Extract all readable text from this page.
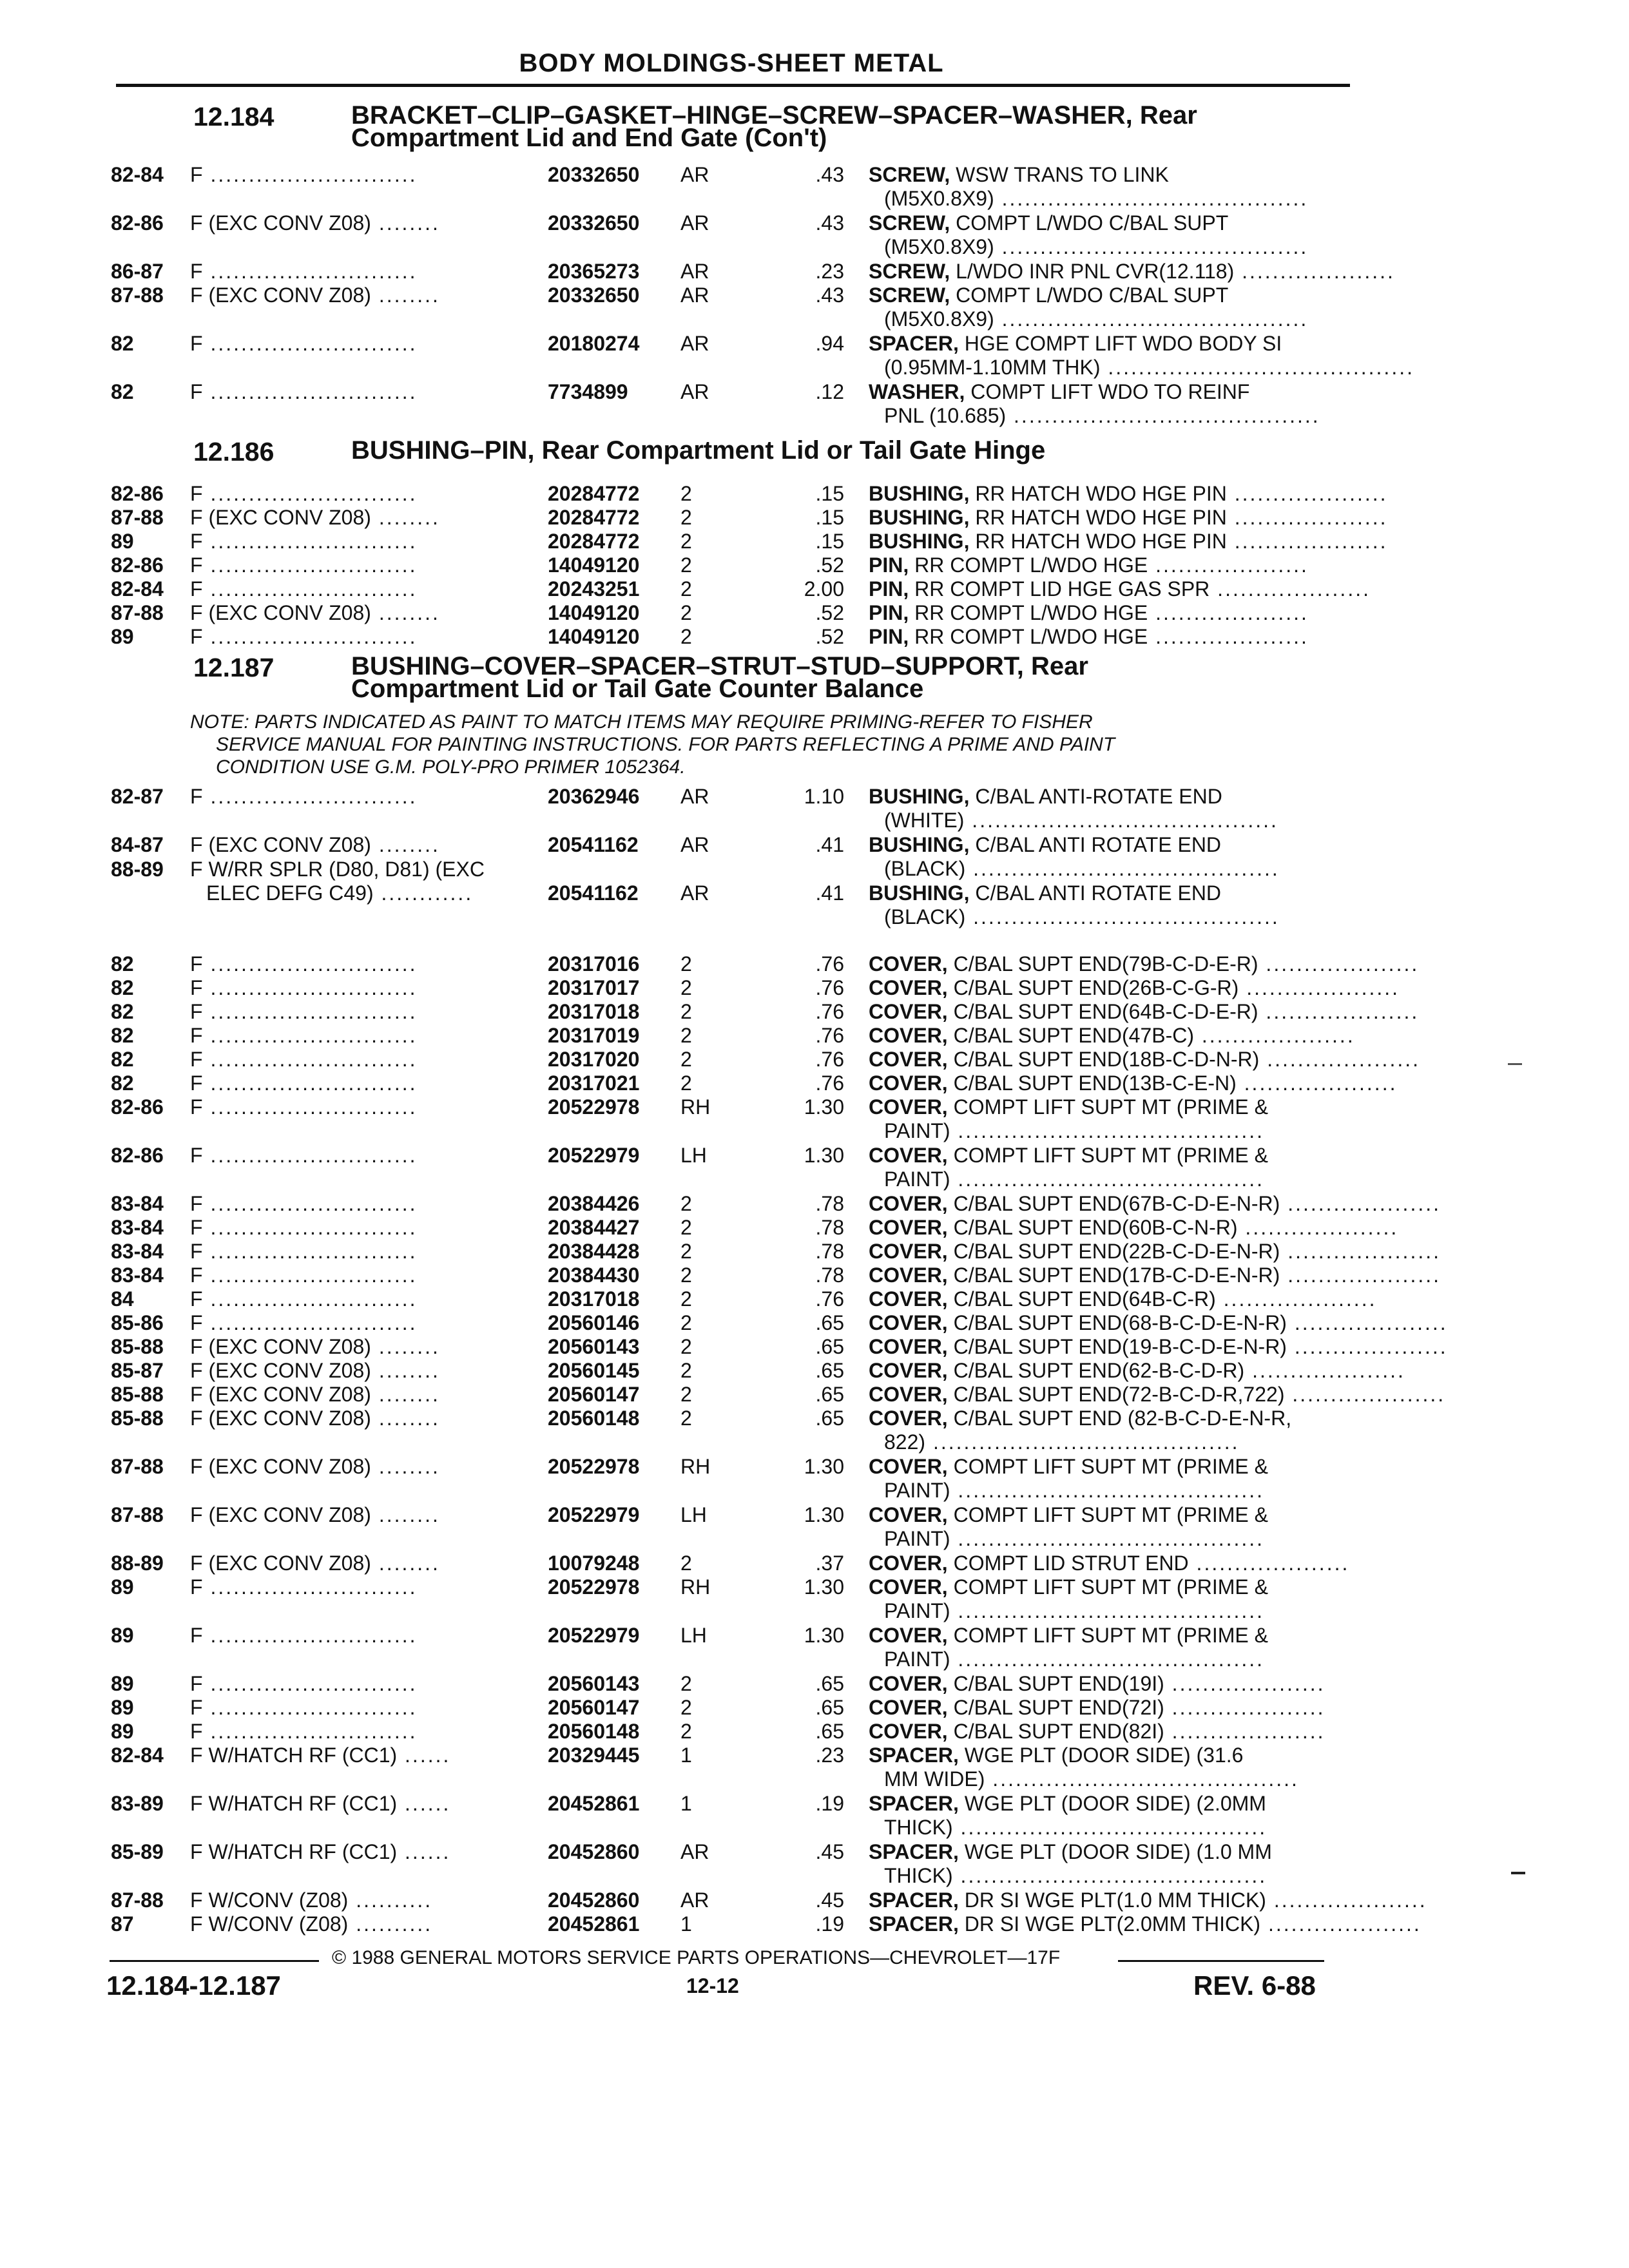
BODY MOLDINGS-SHEET METAL
12.184	BRACKET–CLIP–GASKET–HINGE–SCREW–SPACER–WASHER, Rear
Compartment Lid and End Gate (Con't)
12.186	BUSHING–PIN, Rear Compartment Lid or Tail Gate Hinge
12.187	BUSHING–COVER–SPACER–STRUT–STUD–SUPPORT, Rear
Compartment Lid or Tail Gate Counter Balance
NOTE: PARTS INDICATED AS PAINT TO MATCH ITEMS MAY REQUIRE PRIMING-REFER TO FISHER
SERVICE MANUAL FOR PAINTING INSTRUCTIONS. FOR PARTS REFLECTING A PRIME AND PAINT
CONDITION USE G.M. POLY-PRO PRIMER 1052364.
82-84 F ...........................	20332650 AR	.43 SCREW, WSW TRANS TO LINK
(M5X0.8X9) ........................................
82-86 F (EXC CONV Z08) ........	20332650 AR	.43 SCREW, COMPT L/WDO C/BAL SUPT
(M5X0.8X9) ........................................
86-87 F ...........................	20365273 AR	.23 SCREW, L/WDO INR PNL CVR(12.118) ....................
87-88 F (EXC CONV Z08) ........	20332650 AR	.43 SCREW, COMPT L/WDO C/BAL SUPT
(M5X0.8X9) ........................................
82	F ...........................	20180274 AR	.94 SPACER, HGE COMPT LIFT WDO BODY SI
(0.95MM-1.10MM THK) ........................................
82	F ...........................	7734899	AR	.12 WASHER, COMPT LIFT WDO TO REINF
PNL (10.685) ........................................
82-86 F ...........................	20284772 2	.15 BUSHING, RR HATCH WDO HGE PIN ....................
87-88 F (EXC CONV Z08) ........	20284772 2	.15 BUSHING, RR HATCH WDO HGE PIN ....................
89	F ...........................	20284772 2	.15 BUSHING, RR HATCH WDO HGE PIN ....................
82-86 F ...........................	14049120 2	.52 PIN, RR COMPT L/WDO HGE ....................
82-84 F ...........................	20243251 2	2.00 PIN, RR COMPT LID HGE GAS SPR ....................
87-88 F (EXC CONV Z08) ........	14049120 2	.52 PIN, RR COMPT L/WDO HGE ....................
89	F ...........................	14049120 2	.52 PIN, RR COMPT L/WDO HGE ....................
82-87 F ...........................	20362946 AR	1.10 BUSHING, C/BAL ANTI-ROTATE END
(WHITE) ........................................
84-87 F (EXC CONV Z08) ........	20541162 AR	.41 BUSHING, C/BAL ANTI ROTATE END
(BLACK) ........................................
88-89 F W/RR SPLR (D80, D81) (EXC
ELEC DEFG C49) ............	20541162 AR	.41 BUSHING, C/BAL ANTI ROTATE END
(BLACK) ........................................
82	F ...........................	20317016 2	.76 COVER, C/BAL SUPT END(79B-C-D-E-R) ....................
82	F ...........................	20317017 2	.76 COVER, C/BAL SUPT END(26B-C-G-R) ....................
82	F ...........................	20317018 2	.76 COVER, C/BAL SUPT END(64B-C-D-E-R) ....................
82	F ...........................	20317019 2	.76 COVER, C/BAL SUPT END(47B-C) ....................
82	F ...........................	20317020 2	.76 COVER, C/BAL SUPT END(18B-C-D-N-R) ....................
82	F ...........................	20317021 2	.76 COVER, C/BAL SUPT END(13B-C-E-N) ....................
82-86 F ...........................	20522978 RH	1.30 COVER, COMPT LIFT SUPT MT (PRIME &
PAINT) ........................................
82-86 F ...........................	20522979 LH	1.30 COVER, COMPT LIFT SUPT MT (PRIME &
PAINT) ........................................
83-84 F ...........................	20384426 2	.78 COVER, C/BAL SUPT END(67B-C-D-E-N-R) ....................
83-84 F ...........................	20384427 2	.78 COVER, C/BAL SUPT END(60B-C-N-R) ....................
83-84 F ...........................	20384428 2	.78 COVER, C/BAL SUPT END(22B-C-D-E-N-R) ....................
83-84 F ...........................	20384430 2	.78 COVER, C/BAL SUPT END(17B-C-D-E-N-R) ....................
84	F ...........................	20317018 2	.76 COVER, C/BAL SUPT END(64B-C-R) ....................
85-86 F ...........................	20560146 2	.65 COVER, C/BAL SUPT END(68-B-C-D-E-N-R) ....................
85-88 F (EXC CONV Z08) ........	20560143 2	.65 COVER, C/BAL SUPT END(19-B-C-D-E-N-R) ....................
85-87 F (EXC CONV Z08) ........	20560145 2	.65 COVER, C/BAL SUPT END(62-B-C-D-R) ....................
85-88 F (EXC CONV Z08) ........	20560147 2	.65 COVER, C/BAL SUPT END(72-B-C-D-R,722) ....................
85-88 F (EXC CONV Z08) ........	20560148 2	.65 COVER, C/BAL SUPT END (82-B-C-D-E-N-R,
822) ........................................
87-88 F (EXC CONV Z08) ........	20522978 RH	1.30 COVER, COMPT LIFT SUPT MT (PRIME &
PAINT) ........................................
87-88 F (EXC CONV Z08) ........	20522979 LH	1.30 COVER, COMPT LIFT SUPT MT (PRIME &
PAINT) ........................................
88-89 F (EXC CONV Z08) ........	10079248 2	.37 COVER, COMPT LID STRUT END ....................
89	F ...........................	20522978 RH	1.30 COVER, COMPT LIFT SUPT MT (PRIME &
PAINT) ........................................
89	F ...........................	20522979 LH	1.30 COVER, COMPT LIFT SUPT MT (PRIME &
PAINT) ........................................
89	F ...........................	20560143 2	.65 COVER, C/BAL SUPT END(19I) ....................
89	F ...........................	20560147 2	.65 COVER, C/BAL SUPT END(72I) ....................
89	F ...........................	20560148 2	.65 COVER, C/BAL SUPT END(82I) ....................
82-84 F W/HATCH RF (CC1) ......	20329445 1	.23 SPACER, WGE PLT (DOOR SIDE) (31.6
MM WIDE) ........................................
83-89 F W/HATCH RF (CC1) ......	20452861 1	.19 SPACER, WGE PLT (DOOR SIDE) (2.0MM
THICK) ........................................
85-89 F W/HATCH RF (CC1) ......	20452860 AR	.45 SPACER, WGE PLT (DOOR SIDE) (1.0 MM
THICK) ........................................
87-88 F W/CONV (Z08) ..........	20452860 AR	.45 SPACER, DR SI WGE PLT(1.0 MM THICK) ....................
87	F W/CONV (Z08) ..........	20452861 1	.19 SPACER, DR SI WGE PLT(2.0MM THICK) ....................
© 1988 GENERAL MOTORS SERVICE PARTS OPERATIONS—CHEVROLET—17F
12.184-12.187	12-12	REV. 6-88
